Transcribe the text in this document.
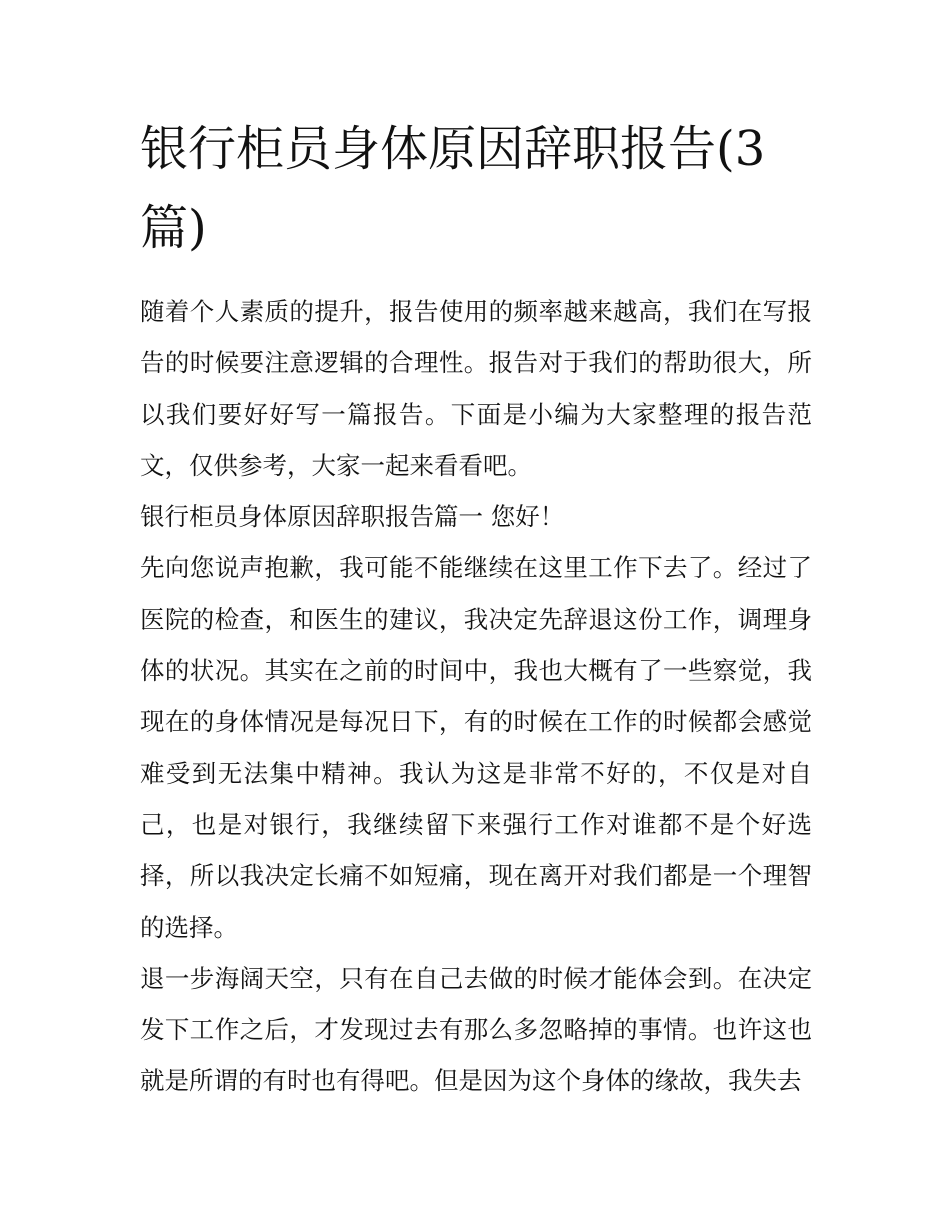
银行柜员身体原因辞职报告(3篇)

随着个人素质的提升，报告使用的频率越来越高，我们在写报告的时候要注意逻辑的合理性。报告对于我们的帮助很大，所以我们要好好写一篇报告。下面是小编为大家整理的报告范文，仅供参考，大家一起来看看吧。

银行柜员身体原因辞职报告篇一 您好！

先向您说声抱歉，我可能不能继续在这里工作下去了。经过了医院的检查，和医生的建议，我决定先辞退这份工作，调理身体的状况。其实在之前的时间中，我也大概有了一些察觉，我现在的身体情况是每况日下，有的时候在工作的时候都会感觉难受到无法集中精神。我认为这是非常不好的，不仅是对自己，也是对银行，我继续留下来强行工作对谁都不是个好选择，所以我决定长痛不如短痛，现在离开对我们都是一个理智的选择。

退一步海阔天空，只有在自己去做的时候才能体会到。在决定发下工作之后，才发现过去有那么多忽略掉的事情。也许这也就是所谓的有时也有得吧。但是因为这个身体的缘故，我失去
